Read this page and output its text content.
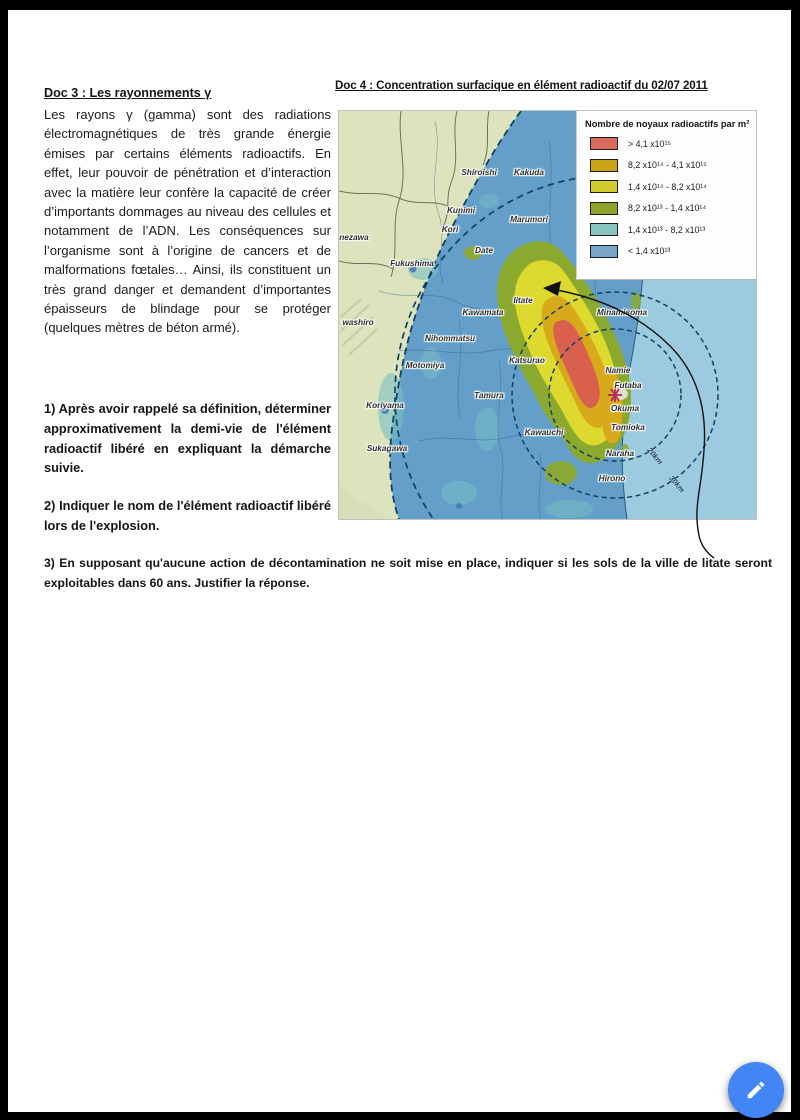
Doc 3 : Les rayonnements γ
Les rayons γ (gamma) sont des radiations électromagnétiques de très grande énergie émises par certains éléments radioactifs. En effet, leur pouvoir de pénétration et d’interaction avec la matière leur confère la capacité de créer d’importants dommages au niveau des cellules et notamment de l’ADN. Les conséquences sur l’organisme sont à l’origine de cancers et de malformations fœtales… Ainsi, ils constituent un très grand danger et demandent d’importantes épaisseurs de blindage pour se protéger (quelques mètres de béton armé).
1) Après avoir rappelé sa définition, déterminer approximativement la demi-vie de l'élément radioactif libéré en expliquant la démarche suivie.
2) Indiquer le nom de l'élément radioactif libéré lors de l'explosion.
3) En supposant qu'aucune action de décontamination ne soit mise en place, indiquer si les sols de la ville de litate seront exploitables dans 60 ans. Justifier la réponse.
Doc 4 : Concentration surfacique en élément radioactif du 02/07 2011
Nombre de noyaux radioactifs par m²
> 4,1 x10¹⁵
8,2 x10¹⁴ - 4,1 x10¹⁵
1,4 x10¹⁴ - 8,2 x10¹⁴
8,2 x10¹³ - 1,4 x10¹⁴
1,4 x10¹³ - 8,2 x10¹³
< 1,4 x10¹³
Shiroishi Kakuda
Kunimi
Marumori
Kori
nezawa
Date
Fukushima
Iitate
Kawamata	Minamisoma
washiro
Nihommatsu
Katsurao
Motomiya	Namie
Futaba
Tamura
Koriyama	Okuma
Tomioka
Kawauchi
Sukagawa	Naraha
Hirono
20km
30km
